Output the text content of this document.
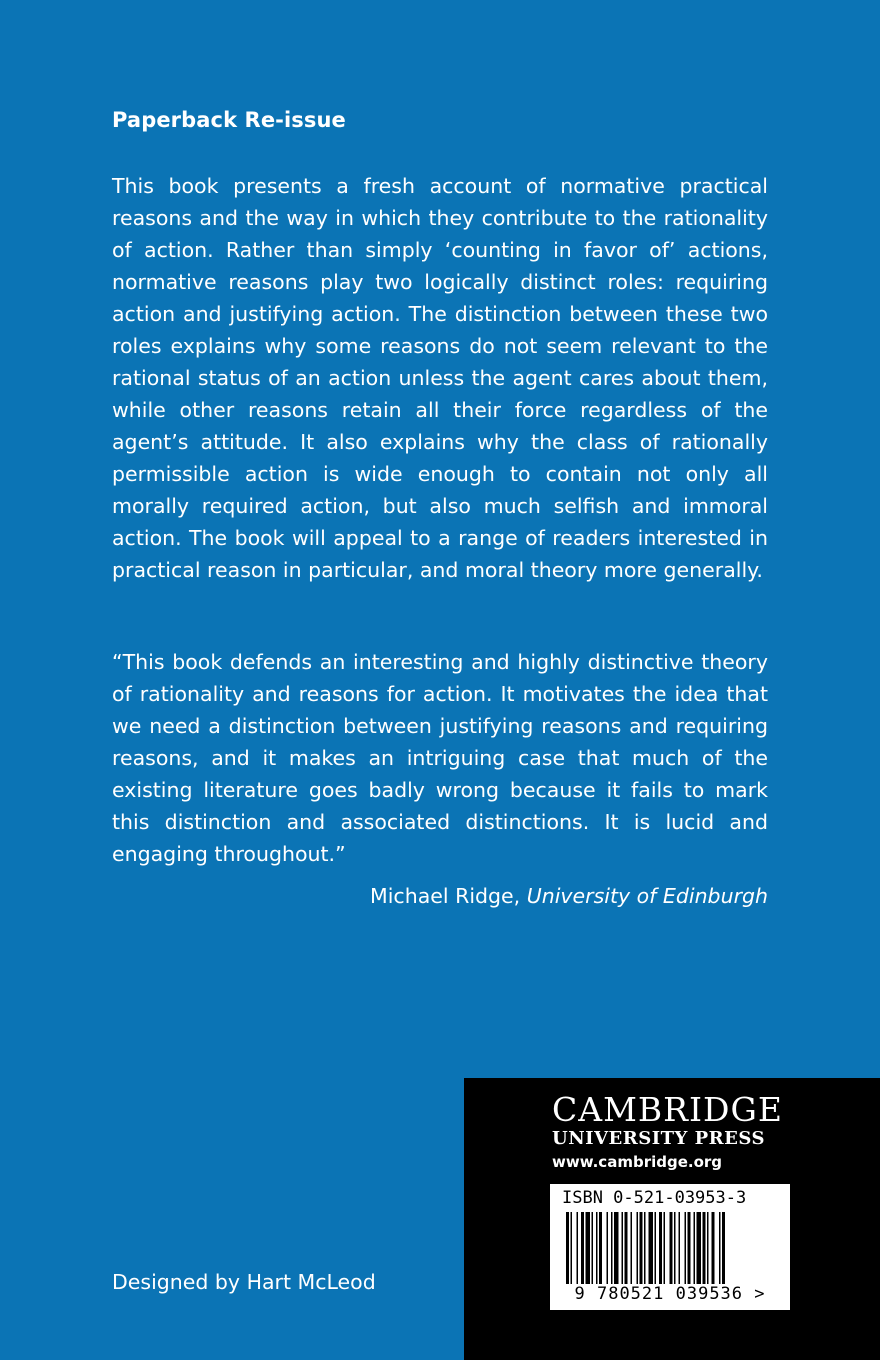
Paperback Re-issue

This book presents a fresh account of normative practical reasons and the way in which they contribute to the rationality of action. Rather than simply ‘counting in favor of’ actions, normative reasons play two logically distinct roles: requiring action and justifying action. The distinction between these two roles explains why some reasons do not seem relevant to the rational status of an action unless the agent cares about them, while other reasons retain all their force regardless of the agent’s attitude. It also explains why the class of rationally permissible action is wide enough to contain not only all morally required action, but also much selfish and immoral action. The book will appeal to a range of readers interested in practical reason in particular, and moral theory more generally.

“This book defends an interesting and highly distinctive theory of rationality and reasons for action. It motivates the idea that we need a distinction between justifying reasons and requiring reasons, and it makes an intriguing case that much of the existing literature goes badly wrong because it fails to mark this distinction and associated distinctions. It is lucid and engaging throughout.”

Michael Ridge, University of Edinburgh
Designed by Hart McLeod
CAMBRIDGE
UNIVERSITY PRESS
www.cambridge.org
ISBN 0-521-03953-3
9 780521 039536 >
